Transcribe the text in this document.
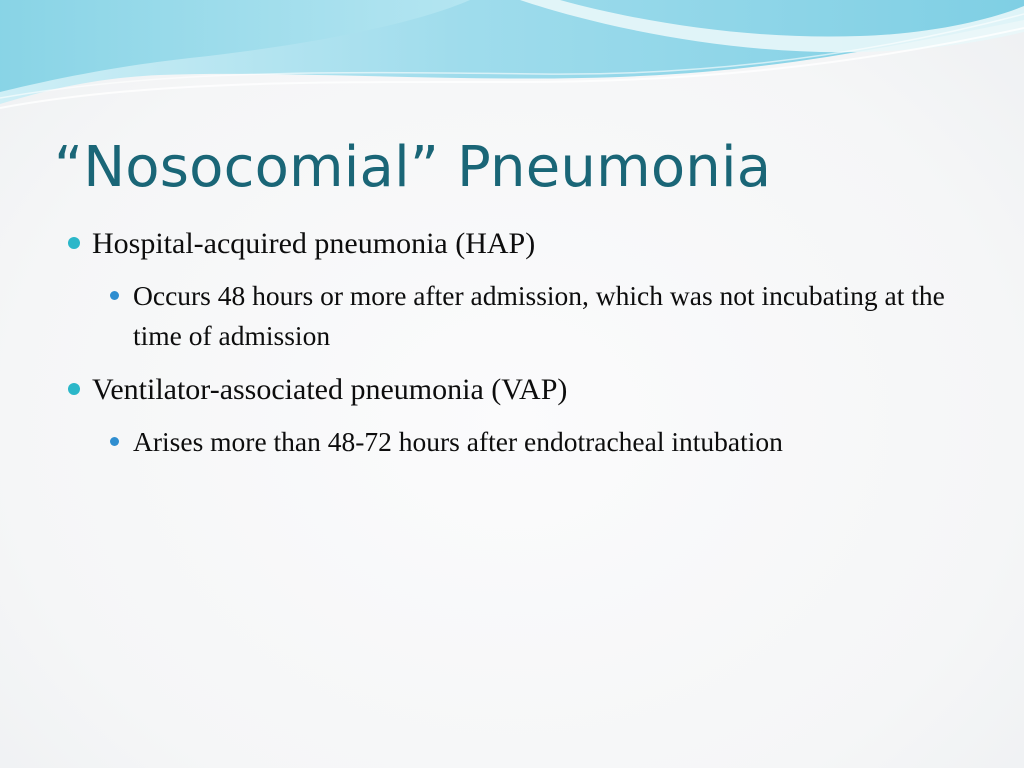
“Nosocomial” Pneumonia

Hospital-acquired pneumonia (HAP)

Occurs 48 hours or more after admission, which was not incubating at the time of admission

Ventilator-associated pneumonia (VAP)

Arises more than 48-72 hours after endotracheal intubation
